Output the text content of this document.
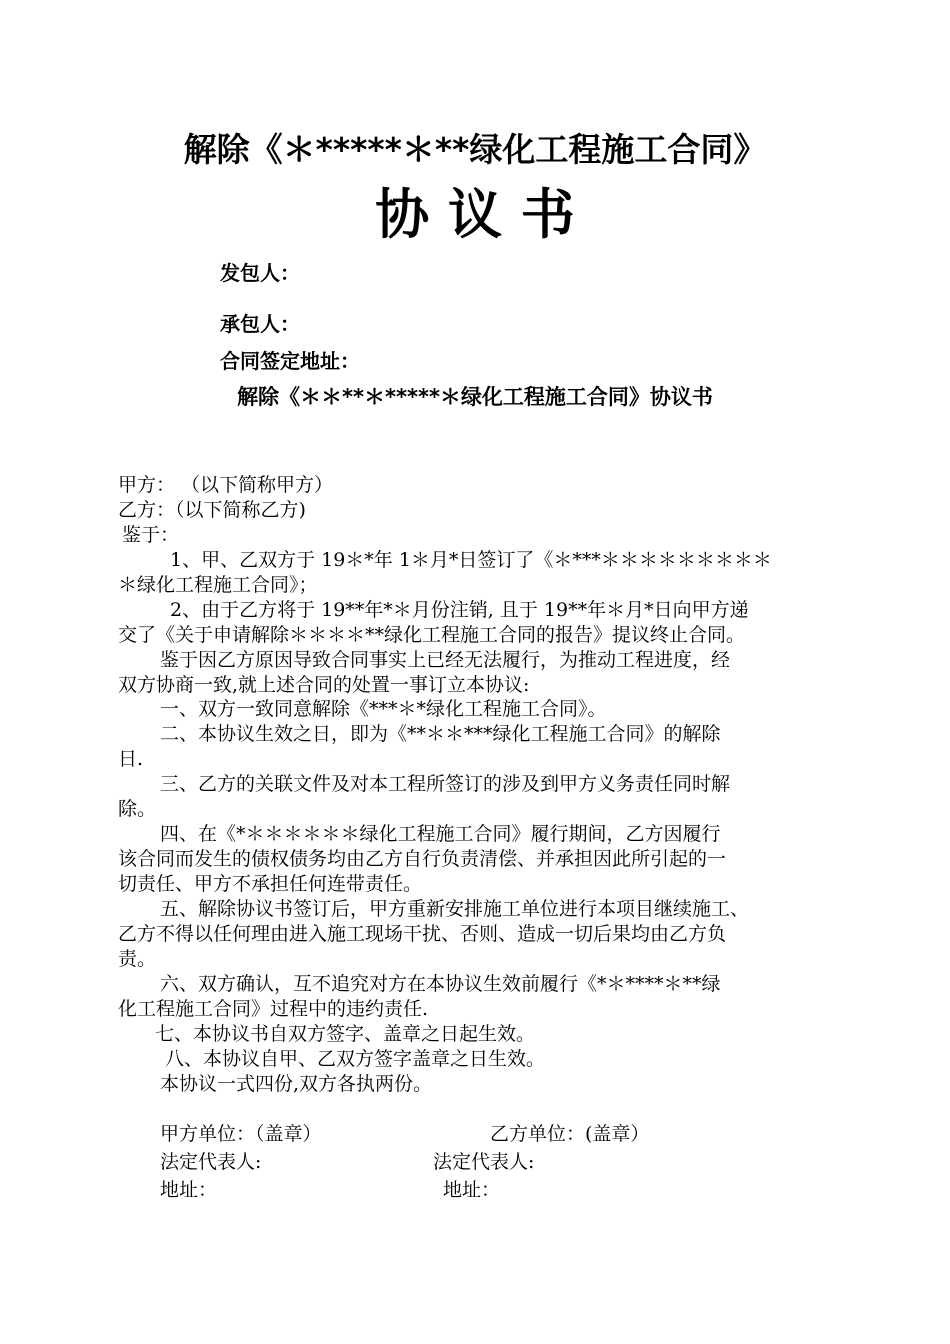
解除《＊*****＊**绿化工程施工合同》
协 议 书
发包人：
承包人：
合同签定地址：
解除《＊＊**＊*****＊绿化工程施工合同》协议书
甲方： （以下简称甲方）
乙方：（以下简称乙方)
鉴于：
1、甲、乙双方于 19＊*年 1＊月*日签订了《＊***＊＊＊＊＊＊＊＊＊
＊绿化工程施工合同》；
2、由于乙方将于 19**年*＊月份注销, 且于 19**年＊月*日向甲方递
交了《关于申请解除＊＊＊＊**绿化工程施工合同的报告》提议终止合同。
鉴于因乙方原因导致合同事实上已经无法履行，为推动工程进度，经
双方协商一致,就上述合同的处置一事订立本协议:
一、双方一致同意解除《***＊*绿化工程施工合同》。
二、本协议生效之日，即为《**＊＊***绿化工程施工合同》的解除
日.
三、乙方的关联文件及对本工程所签订的涉及到甲方义务责任同时解
除。
四、在《*＊＊＊＊＊＊绿化工程施工合同》履行期间，乙方因履行
该合同而发生的债权债务均由乙方自行负责清偿、并承担因此所引起的一
切责任、甲方不承担任何连带责任。
五、解除协议书签订后，甲方重新安排施工单位进行本项目继续施工、
乙方不得以任何理由进入施工现场干扰、否则、造成一切后果均由乙方负
责。
六、双方确认，互不追究对方在本协议生效前履行《*＊****＊**绿
化工程施工合同》过程中的违约责任.
七、本协议书自双方签字、盖章之日起生效。
八、本协议自甲、乙双方签字盖章之日生效。
本协议一式四份,双方各执两份。
甲方单位：（盖章）	乙方单位：(盖章）
法定代表人:	法定代表人:
地址：	地址：
